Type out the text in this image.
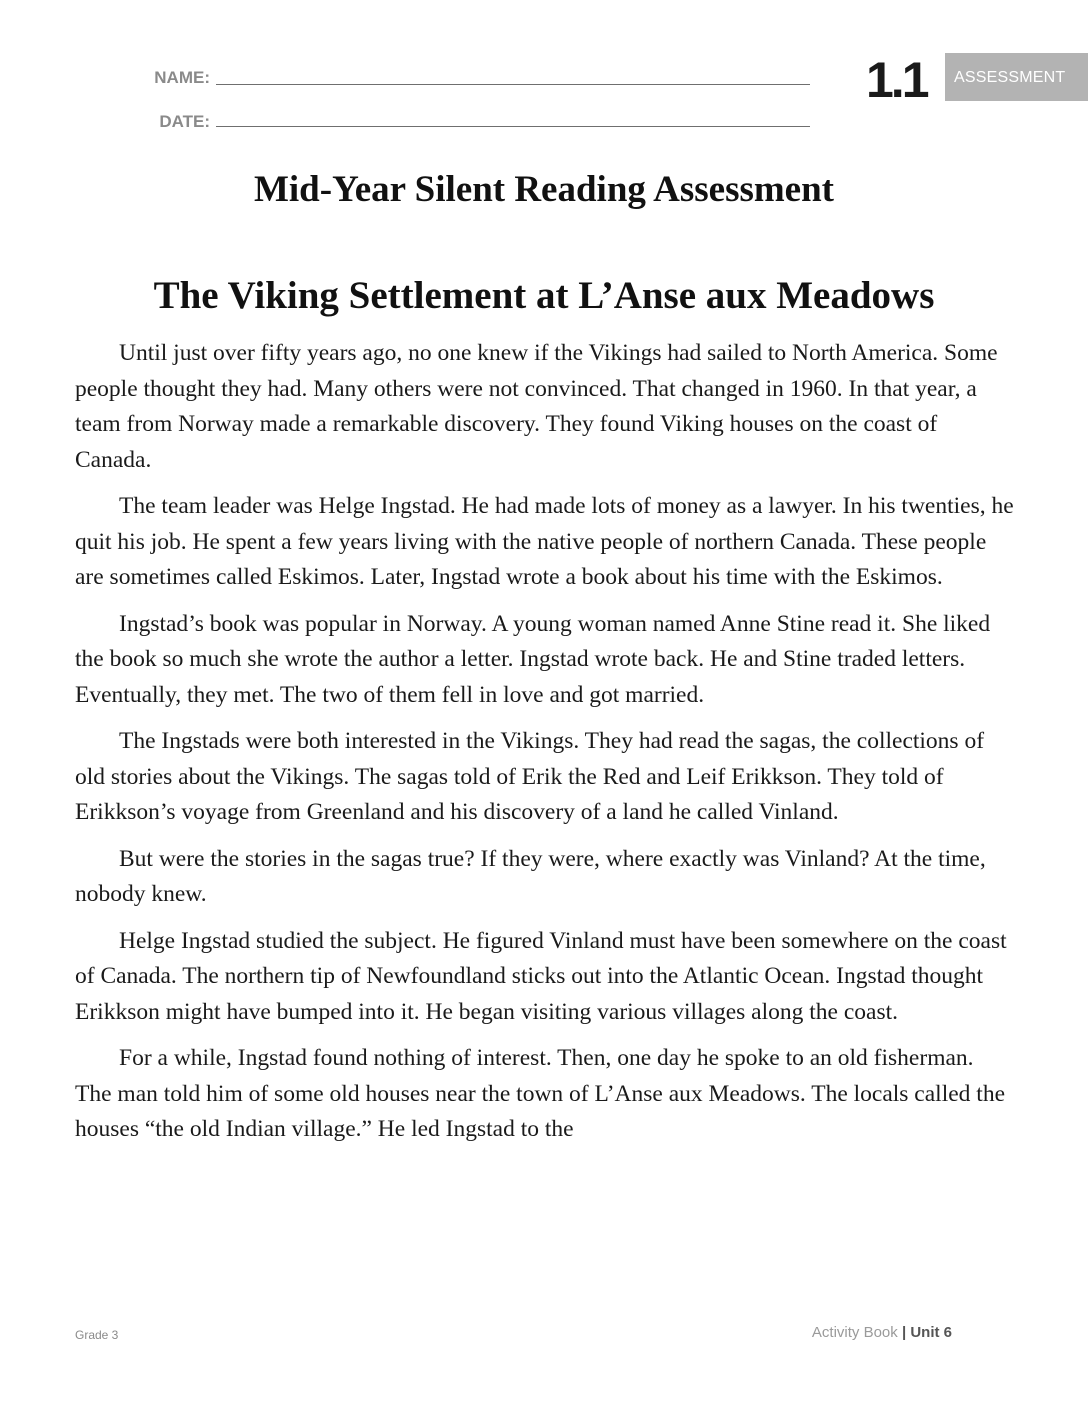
NAME:
DATE:
1.1	ASSESSMENT
Mid-Year Silent Reading Assessment
The Viking Settlement at L’Anse aux Meadows

Until just over fifty years ago, no one knew if the Vikings had sailed to North America. Some people thought they had. Many others were not convinced. That changed in 1960. In that year, a team from Norway made a remarkable discovery. They found Viking houses on the coast of Canada.

The team leader was Helge Ingstad. He had made lots of money as a lawyer. In his twenties, he quit his job. He spent a few years living with the native people of northern Canada. These people are sometimes called Eskimos. Later, Ingstad wrote a book about his time with the Eskimos.

Ingstad’s book was popular in Norway. A young woman named Anne Stine read it. She liked the book so much she wrote the author a letter. Ingstad wrote back. He and Stine traded letters. Eventually, they met. The two of them fell in love and got married.

The Ingstads were both interested in the Vikings. They had read the sagas, the collections of old stories about the Vikings. The sagas told of Erik the Red and Leif Erikkson. They told of Erikkson’s voyage from Greenland and his discovery of a land he called Vinland.

But were the stories in the sagas true? If they were, where exactly was Vinland? At the time, nobody knew.

Helge Ingstad studied the subject. He figured Vinland must have been somewhere on the coast of Canada. The northern tip of Newfoundland sticks out into the Atlantic Ocean. Ingstad thought Erikkson might have bumped into it. He began visiting various villages along the coast.

For a while, Ingstad found nothing of interest. Then, one day he spoke to an old fisherman. The man told him of some old houses near the town of L’Anse aux Meadows. The locals called the houses “the old Indian village.” He led Ingstad to the

Grade 3	Activity Book | Unit 6
